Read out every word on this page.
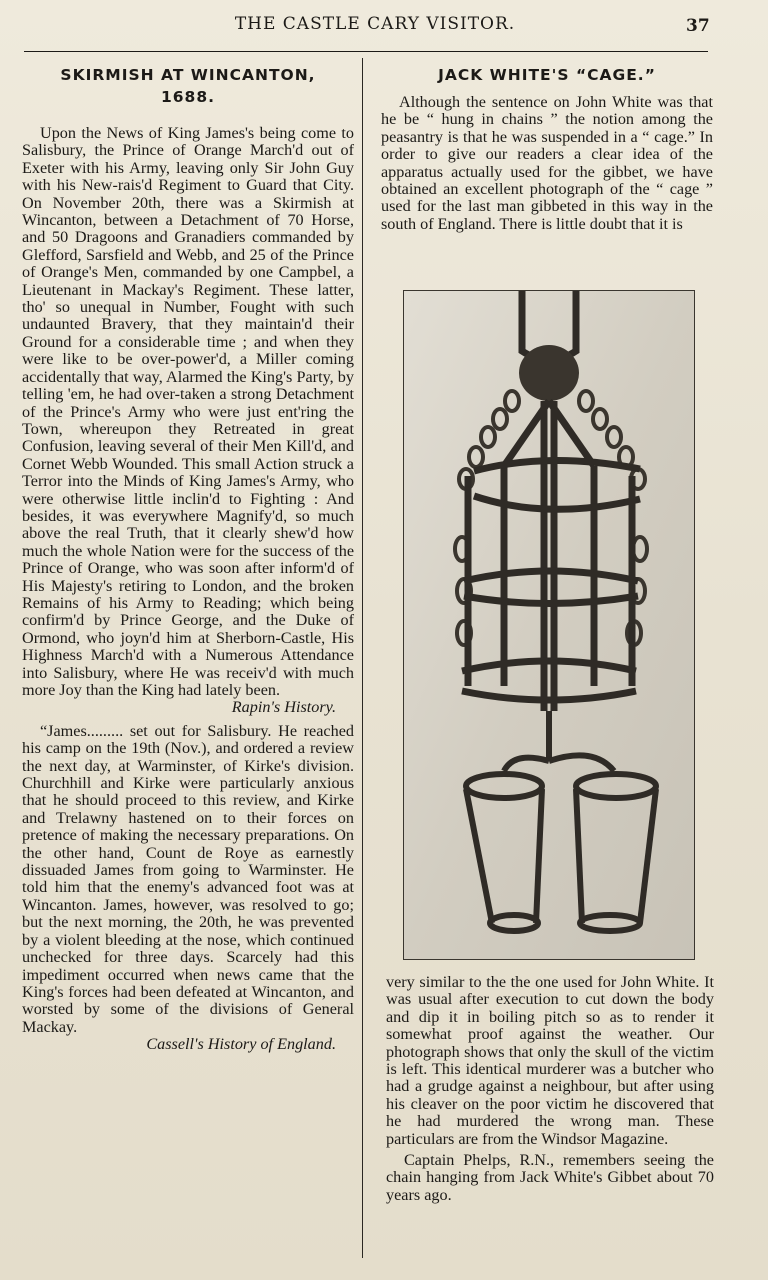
THE CASTLE CARY VISITOR.	37
SKIRMISH AT WINCANTON,
1688.

Upon the News of King James's being come to Salisbury, the Prince of Orange March'd out of Exeter with his Army, leaving only Sir John Guy with his New-rais'd Regiment to Guard that City. On November 20th, there was a Skirmish at Wincanton, between a Detachment of 70 Horse, and 50 Dragoons and Granadiers commanded by Glefford, Sarsfield and Webb, and 25 of the Prince of Orange's Men, commanded by one Campbel, a Lieutenant in Mackay's Regiment. These latter, tho' so unequal in Number, Fought with such undaunted Bravery, that they maintain'd their Ground for a considerable time ; and when they were like to be over-power'd, a Miller coming accidentally that way, Alarmed the King's Party, by telling 'em, he had over-taken a strong Detachment of the Prince's Army who were just ent'ring the Town, whereupon they Retreated in great Confusion, leaving several of their Men Kill'd, and Cornet Webb Wounded. This small Action struck a Terror into the Minds of King James's Army, who were otherwise little inclin'd to Fighting : And besides, it was everywhere Magnify'd, so much above the real Truth, that it clearly shew'd how much the whole Nation were for the success of the Prince of Orange, who was soon after inform'd of His Majesty's retiring to London, and the broken Remains of his Army to Reading; which being confirm'd by Prince George, and the Duke of Ormond, who joyn'd him at Sherborn-Castle, His Highness March'd with a Numerous Attendance into Salisbury, where He was receiv'd with much more Joy than the King had lately been.

Rapin's History.

“James......... set out for Salisbury. He reached his camp on the 19th (Nov.), and ordered a review the next day, at Warminster, of Kirke's division. Churchhill and Kirke were particularly anxious that he should proceed to this review, and Kirke and Trelawny hastened on to their forces on pretence of making the necessary preparations. On the other hand, Count de Roye as earnestly dissuaded James from going to Warminster. He told him that the enemy's advanced foot was at Wincanton. James, however, was resolved to go; but the next morning, the 20th, he was prevented by a violent bleeding at the nose, which continued unchecked for three days. Scarcely had this impediment occurred when news came that the King's forces had been defeated at Wincanton, and worsted by some of the divisions of General Mackay.

Cassell's History of England.
JACK WHITE'S “CAGE.”

Although the sentence on John White was that he be “ hung in chains ” the notion among the peasantry is that he was suspended in a “ cage.” In order to give our readers a clear idea of the apparatus actually used for the gibbet, we have obtained an excellent photograph of the “ cage ” used for the last man gibbeted in this way in the south of England. There is little doubt that it is

very similar to the the one used for John White. It was usual after execution to cut down the body and dip it in boiling pitch so as to render it somewhat proof against the weather. Our photograph shows that only the skull of the victim is left. This identical murderer was a butcher who had a grudge against a neighbour, but after using his cleaver on the poor victim he discovered that he had murdered the wrong man. These particulars are from the Windsor Magazine.

Captain Phelps, R.N., remembers seeing the chain hanging from Jack White's Gibbet about 70 years ago.
